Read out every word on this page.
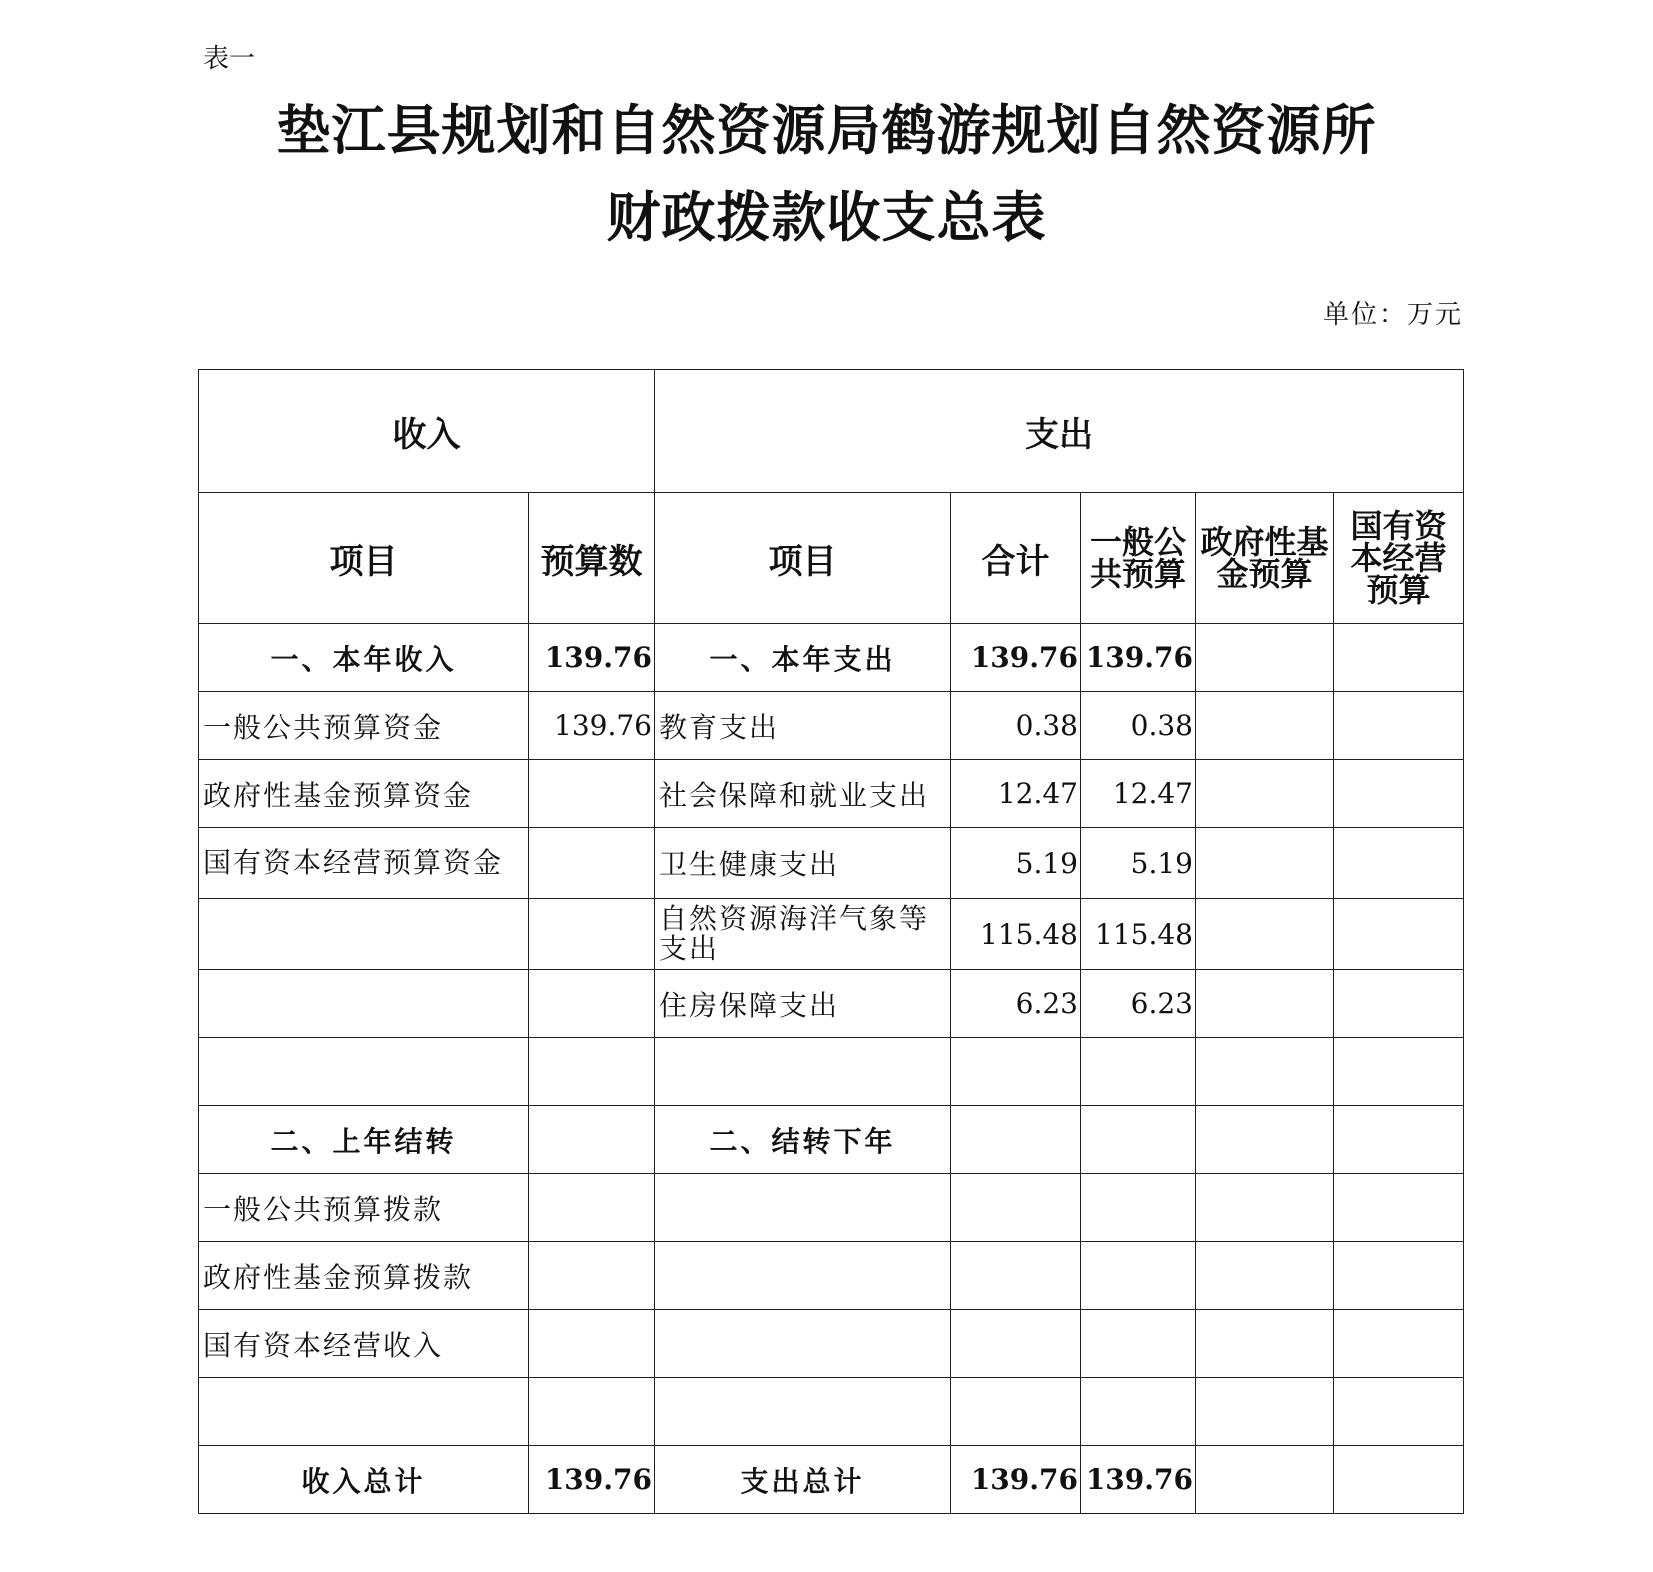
表一
垫江县规划和自然资源局鹤游规划自然资源所
财政拨款收支总表
单位：万元
收入		支出				
项目	预算数	项目	合计	一般公共预算	政府性基金预算	国有资本经营预算
一、本年收入	139.76	一、本年支出	139.76	139.76		
一般公共预算资金	139.76	教育支出	0.38	0.38		
政府性基金预算资金		社会保障和就业支出	12.47	12.47		
国有资本经营预算资金		卫生健康支出	5.19	5.19		
		自然资源海洋气象等支出	115.48	115.48		
		住房保障支出	6.23	6.23		

二、上年结转		二、结转下年				
一般公共预算拨款						
政府性基金预算拨款						
国有资本经营收入						

收入总计	139.76	支出总计	139.76	139.76		
